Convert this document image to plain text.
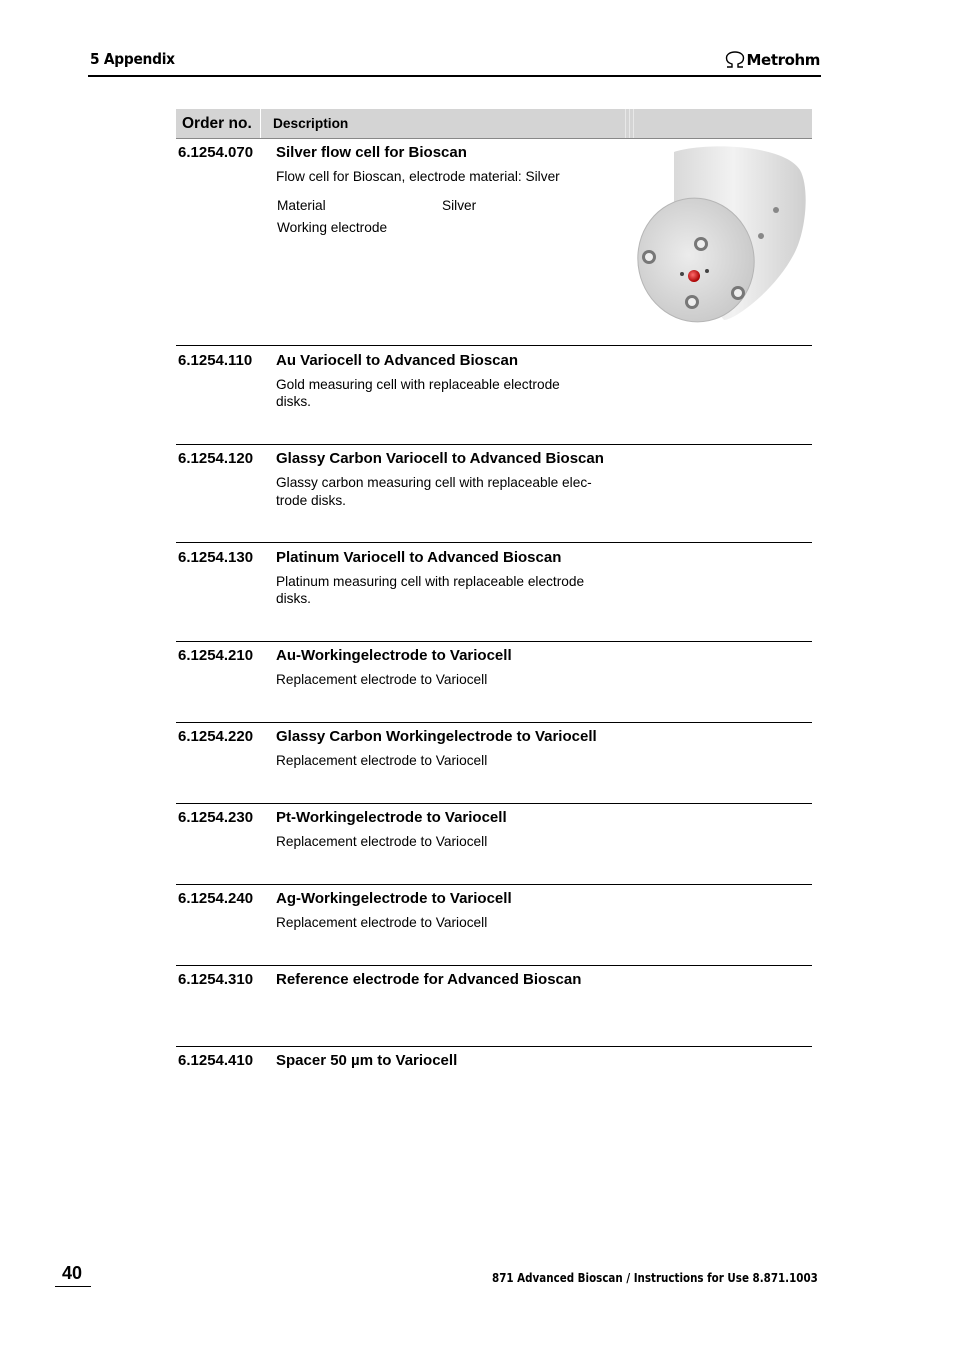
5 Appendix	Metrohm
Order no. Description
6.1254.070 Silver flow cell for Bioscan
Flow cell for Bioscan, electrode material: Silver
Material	Silver
Working electrode
6.1254.110 Au Variocell to Advanced Bioscan
Gold measuring cell with replaceable electrode
disks.
6.1254.120 Glassy Carbon Variocell to Advanced Bioscan
Glassy carbon measuring cell with replaceable elec-
trode disks.
6.1254.130 Platinum Variocell to Advanced Bioscan
Platinum measuring cell with replaceable electrode
disks.
6.1254.210 Au-Workingelectrode to Variocell
Replacement electrode to Variocell
6.1254.220 Glassy Carbon Workingelectrode to Variocell
Replacement electrode to Variocell
6.1254.230 Pt-Workingelectrode to Variocell
Replacement electrode to Variocell
6.1254.240 Ag-Workingelectrode to Variocell
Replacement electrode to Variocell
6.1254.310 Reference electrode for Advanced Bioscan
6.1254.410 Spacer 50 µm to Variocell
40	871 Advanced Bioscan / Instructions for Use 8.871.1003
